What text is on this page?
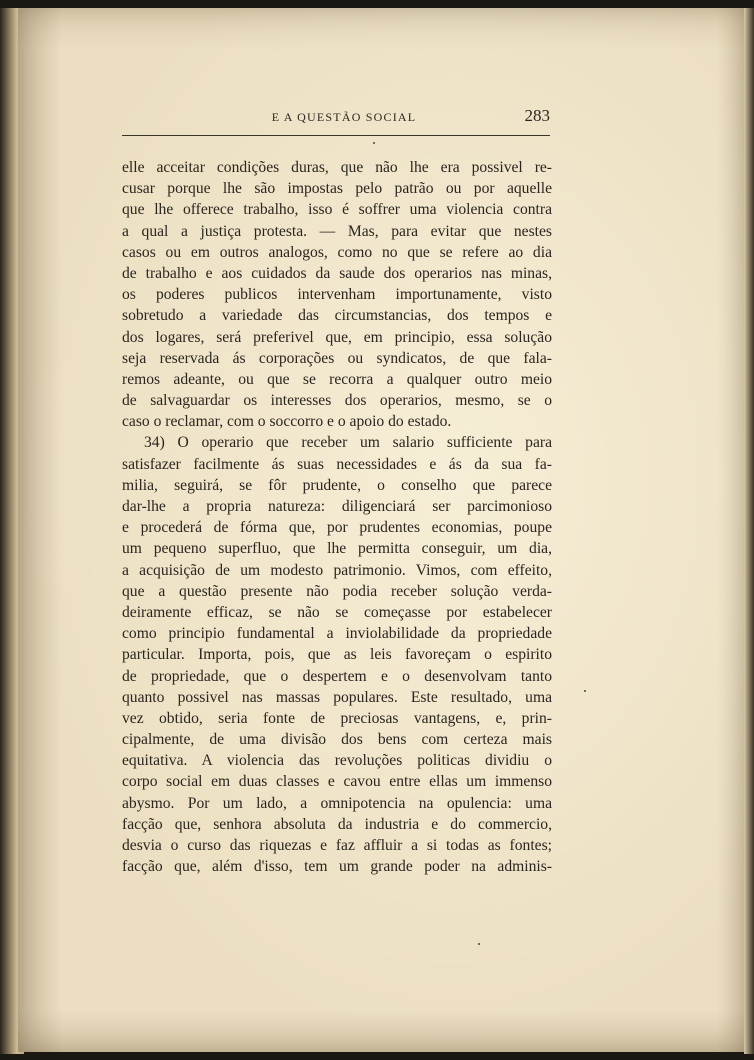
E A QUESTÃO SOCIAL	283
elle acceitar condições duras, que não lhe era possivel re-
cusar porque lhe são impostas pelo patrão ou por aquelle
que lhe offerece trabalho, isso é soffrer uma violencia contra
a qual a justiça protesta. — Mas, para evitar que nestes
casos ou em outros analogos, como no que se refere ao dia
de trabalho e aos cuidados da saude dos operarios nas minas,
os poderes publicos intervenham importunamente, visto
sobretudo a variedade das circumstancias, dos tempos e
dos logares, será preferivel que, em principio, essa solução
seja reservada ás corporações ou syndicatos, de que fala-
remos adeante, ou que se recorra a qualquer outro meio
de salvaguardar os interesses dos operarios, mesmo, se o
caso o reclamar, com o soccorro e o apoio do estado.
34) O operario que receber um salario sufficiente para
satisfazer facilmente ás suas necessidades e ás da sua fa-
milia, seguirá, se fôr prudente, o conselho que parece
dar-lhe a propria natureza: diligenciará ser parcimonioso
e procederá de fórma que, por prudentes economias, poupe
um pequeno superfluo, que lhe permitta conseguir, um dia,
a acquisição de um modesto patrimonio. Vimos, com effeito,
que a questão presente não podia receber solução verda-
deiramente efficaz, se não se começasse por estabelecer
como principio fundamental a inviolabilidade da propriedade
particular. Importa, pois, que as leis favoreçam o espirito
de propriedade, que o despertem e o desenvolvam tanto
quanto possivel nas massas populares. Este resultado, uma
vez obtido, seria fonte de preciosas vantagens, e, prin-
cipalmente, de uma divisão dos bens com certeza mais
equitativa. A violencia das revoluções politicas dividiu o
corpo social em duas classes e cavou entre ellas um immenso
abysmo. Por um lado, a omnipotencia na opulencia: uma
facção que, senhora absoluta da industria e do commercio,
desvia o curso das riquezas e faz affluir a si todas as fontes;
facção que, além d'isso, tem um grande poder na adminis-
